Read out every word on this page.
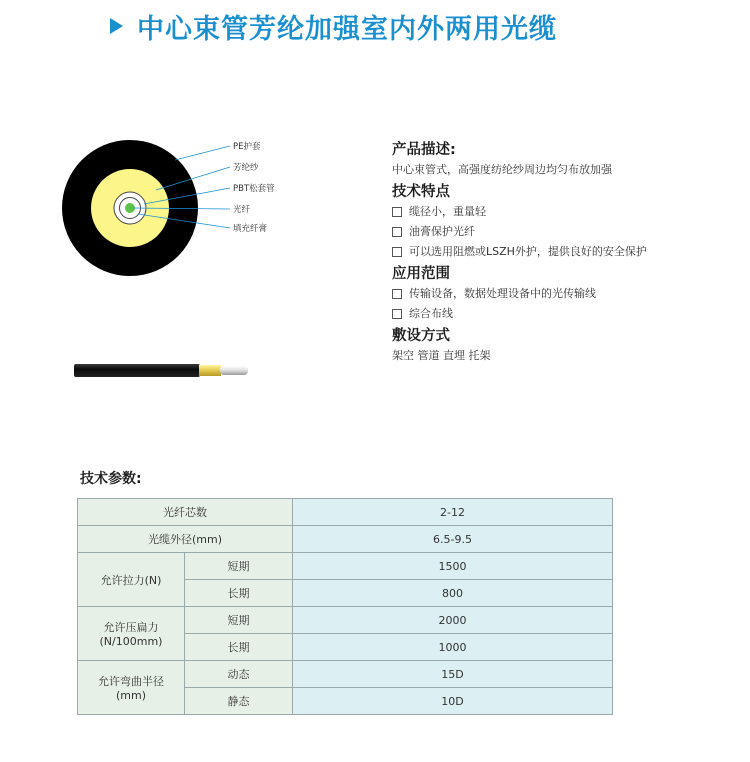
中心束管芳纶加强室内外两用光缆
PE护套
芳纶纱
PBT松套管
光纤
填充纤膏
产品描述:

中心束管式，高强度纺纶纱周边均匀布放加强

技术特点
缆径小，重量轻
油膏保护光纤
可以选用阻燃或LSZH外护，提供良好的安全保护
应用范围
传输设备，数据处理设备中的光传输线
综合布线
敷设方式

架空 管道 直埋 托架

技术参数:
光纤芯数		2-12
光缆外径(mm)		6.5-9.5
允许拉力(N)	短期	1500
	长期	800

允许压扁力
(N/100mm)	短期	2000
	长期	1000

允许弯曲半径
(mm)	动态	15D
	静态	10D
